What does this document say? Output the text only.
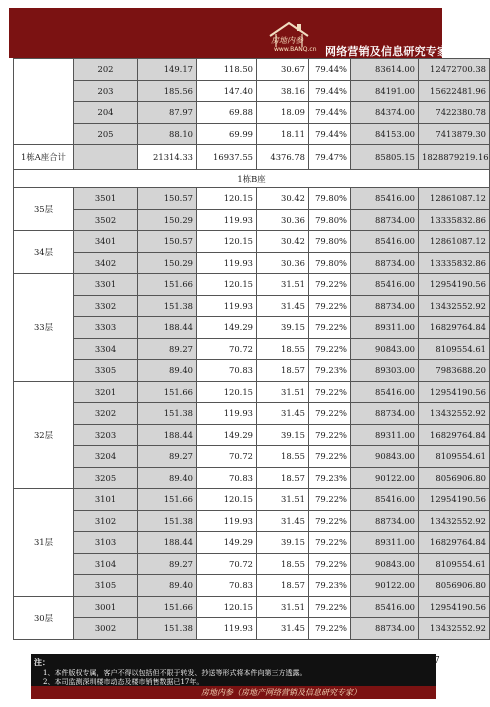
房地内参
www.BANQ.cn 网络营销及信息研究专家
	202	149.17	118.50	30.67	79.44%	83614.00	12472700.38
	203	185.56	147.40	38.16	79.44%	84191.00	15622481.96
	204	87.97	69.88	18.09	79.44%	84374.00	7422380.78
	205	88.10	69.99	18.11	79.44%	84153.00	7413879.30
1栋A座合计		21314.33	16937.55	4376.78	79.47%	85805.15	1828879219.16
1栋B座							
35层	3501	150.57	120.15	30.42	79.80%	85416.00	12861087.12
	3502	150.29	119.93	30.36	79.80%	88734.00	13335832.86
34层	3401	150.57	120.15	30.42	79.80%	85416.00	12861087.12
	3402	150.29	119.93	30.36	79.80%	88734.00	13335832.86
33层	3301	151.66	120.15	31.51	79.22%	85416.00	12954190.56
	3302	151.38	119.93	31.45	79.22%	88734.00	13432552.92
	3303	188.44	149.29	39.15	79.22%	89311.00	16829764.84
	3304	89.27	70.72	18.55	79.22%	90843.00	8109554.61
	3305	89.40	70.83	18.57	79.23%	89303.00	7983688.20
32层	3201	151.66	120.15	31.51	79.22%	85416.00	12954190.56
	3202	151.38	119.93	31.45	79.22%	88734.00	13432552.92
	3203	188.44	149.29	39.15	79.22%	89311.00	16829764.84
	3204	89.27	70.72	18.55	79.22%	90843.00	8109554.61
	3205	89.40	70.83	18.57	79.23%	90122.00	8056906.80
31层	3101	151.66	120.15	31.51	79.22%	85416.00	12954190.56
	3102	151.38	119.93	31.45	79.22%	88734.00	13432552.92
	3103	188.44	149.29	39.15	79.22%	89311.00	16829764.84
	3104	89.27	70.72	18.55	79.22%	90843.00	8109554.61
	3105	89.40	70.83	18.57	79.23%	90122.00	8056906.80
30层	3001	151.66	120.15	31.51	79.22%	85416.00	12954190.56
	3002	151.38	119.93	31.45	79.22%	88734.00	13432552.92
注：
1、本件版权专属，客户不得以包括但不限于转发、抄送等形式将本件向第三方透露。
2、本司监测深圳楼市动态及楼市销售数据已17年。
房地内参（房地产网络营销及信息研究专家）
7
